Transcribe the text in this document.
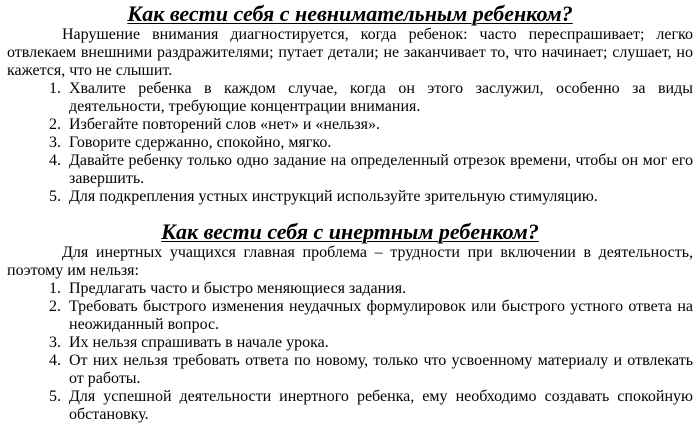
Как вести себя с невнимательным ребенком?

Нарушение внимания диагностируется, когда ребенок: часто переспрашивает; легко отвлекаем внешними раздражителями; путает детали; не заканчивает то, что начинает; слушает, но кажется, что не слышит.

1. Хвалите ребенка в каждом случае, когда он этого заслужил, особенно за виды деятельности, требующие концентрации внимания.
2. Избегайте повторений слов «нет» и «нельзя».
3. Говорите сдержанно, спокойно, мягко.
4. Давайте ребенку только одно задание на определенный отрезок времени, чтобы он мог его завершить.
5. Для подкрепления устных инструкций используйте зрительную стимуляцию.
Как вести себя с инертным ребенком?

Для инертных учащихся главная проблема – трудности при включении в деятельность, поэтому им нельзя:

1. Предлагать часто и быстро меняющиеся задания.
2. Требовать быстрого изменения неудачных формулировок или быстрого устного ответа на неожиданный вопрос.
3. Их нельзя спрашивать в начале урока.
4. От них нельзя требовать ответа по новому, только что усвоенному материалу и отвлекать от работы.
5. Для успешной деятельности инертного ребенка, ему необходимо создавать спокойную обстановку.
